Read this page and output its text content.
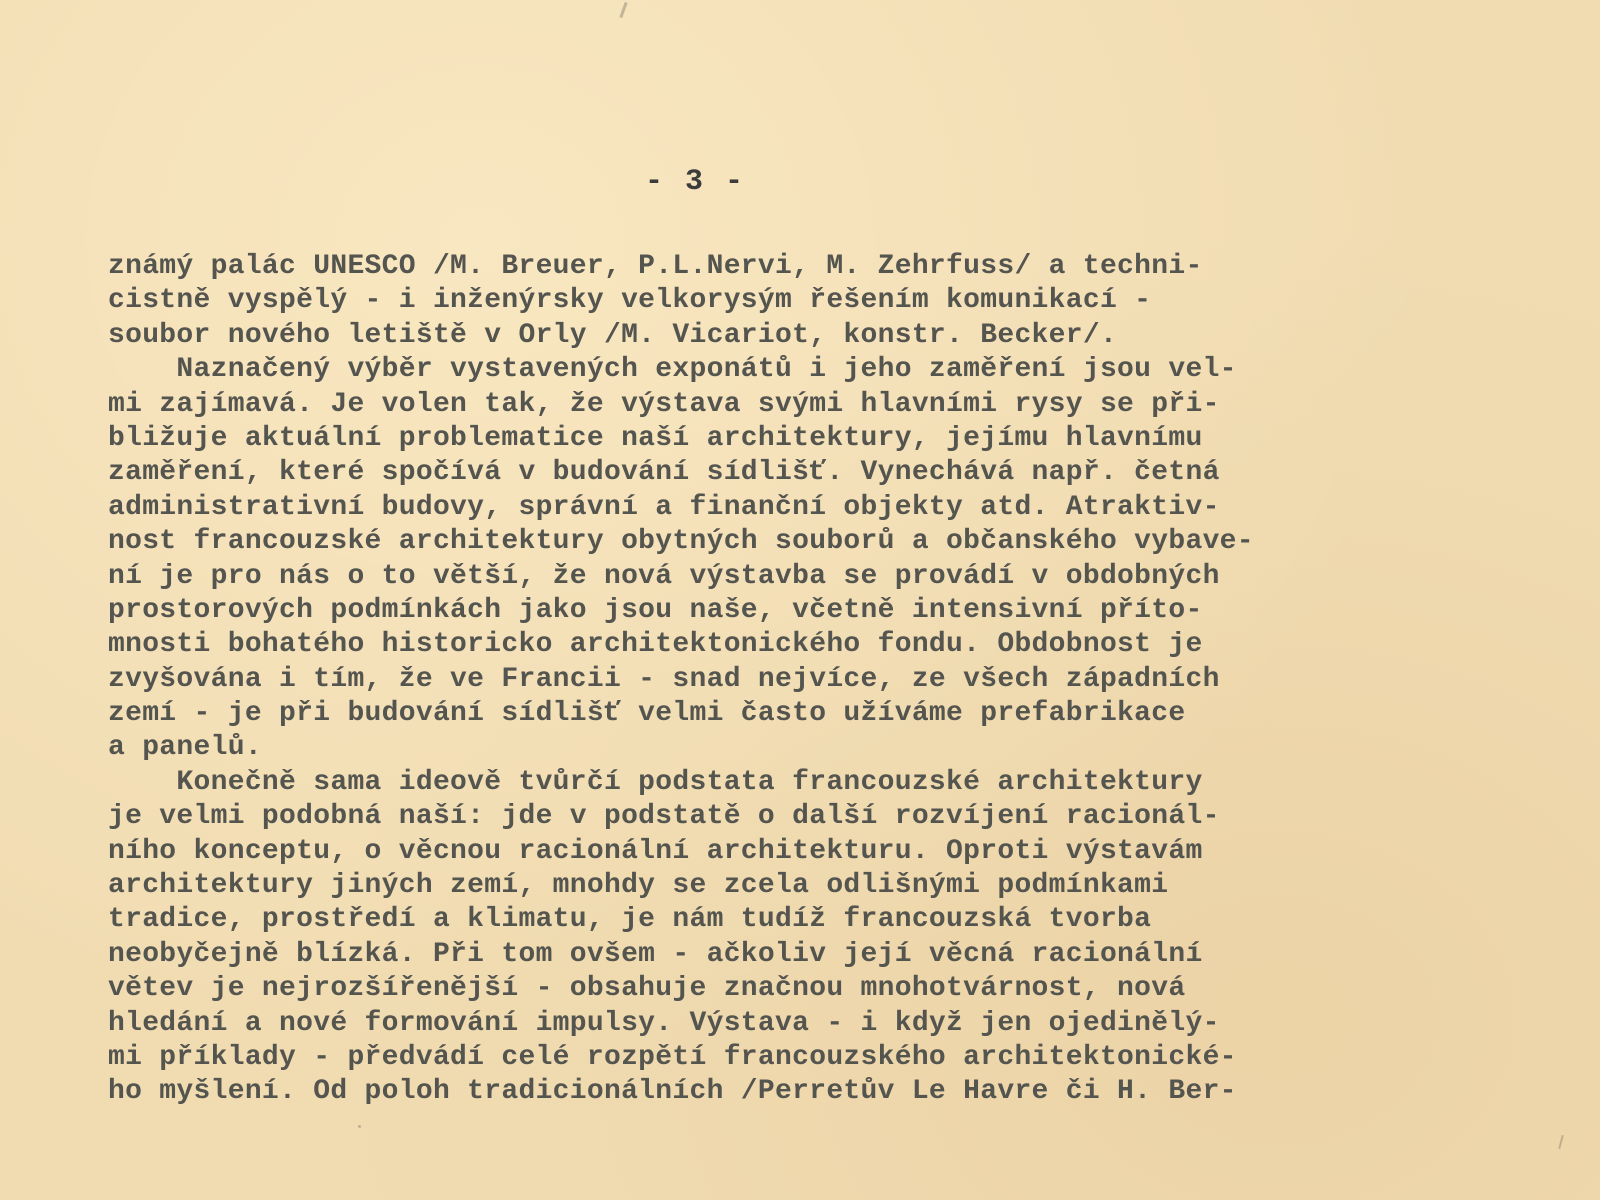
- 3 -
známý palác UNESCO /M. Breuer, P.L.Nervi, M. Zehrfuss/ a techni-
cistně vyspělý - i inženýrsky velkorysým řešením komunikací -
soubor nového letiště v Orly /M. Vicariot, konstr. Becker/.
Naznačený výběr vystavených exponátů i jeho zaměření jsou vel-
mi zajímavá. Je volen tak, že výstava svými hlavními rysy se při-
bližuje aktuální problematice naší architektury, jejímu hlavnímu
zaměření, které spočívá v budování sídlišť. Vynechává např. četná
administrativní budovy, správní a finanční objekty atd. Atraktiv-
nost francouzské architektury obytných souborů a občanského vybave-
ní je pro nás o to větší, že nová výstavba se provádí v obdobných
prostorových podmínkách jako jsou naše, včetně intensivní příto-
mnosti bohatého historicko architektonického fondu. Obdobnost je
zvyšována i tím, že ve Francii - snad nejvíce, ze všech západních
zemí - je při budování sídlišť velmi často užíváme prefabrikace
a panelů.
Konečně sama ideově tvůrčí podstata francouzské architektury
je velmi podobná naší: jde v podstatě o další rozvíjení racionál-
ního konceptu, o věcnou racionální architekturu. Oproti výstavám
architektury jiných zemí, mnohdy se zcela odlišnými podmínkami
tradice, prostředí a klimatu, je nám tudíž francouzská tvorba
neobyčejně blízká. Při tom ovšem - ačkoliv její věcná racionální
větev je nejrozšířenější - obsahuje značnou mnohotvárnost, nová
hledání a nové formování impulsy. Výstava - i když jen ojedinělý-
mi příklady - předvádí celé rozpětí francouzského architektonické-
ho myšlení. Od poloh tradicionálních /Perretův Le Havre či H. Ber-
